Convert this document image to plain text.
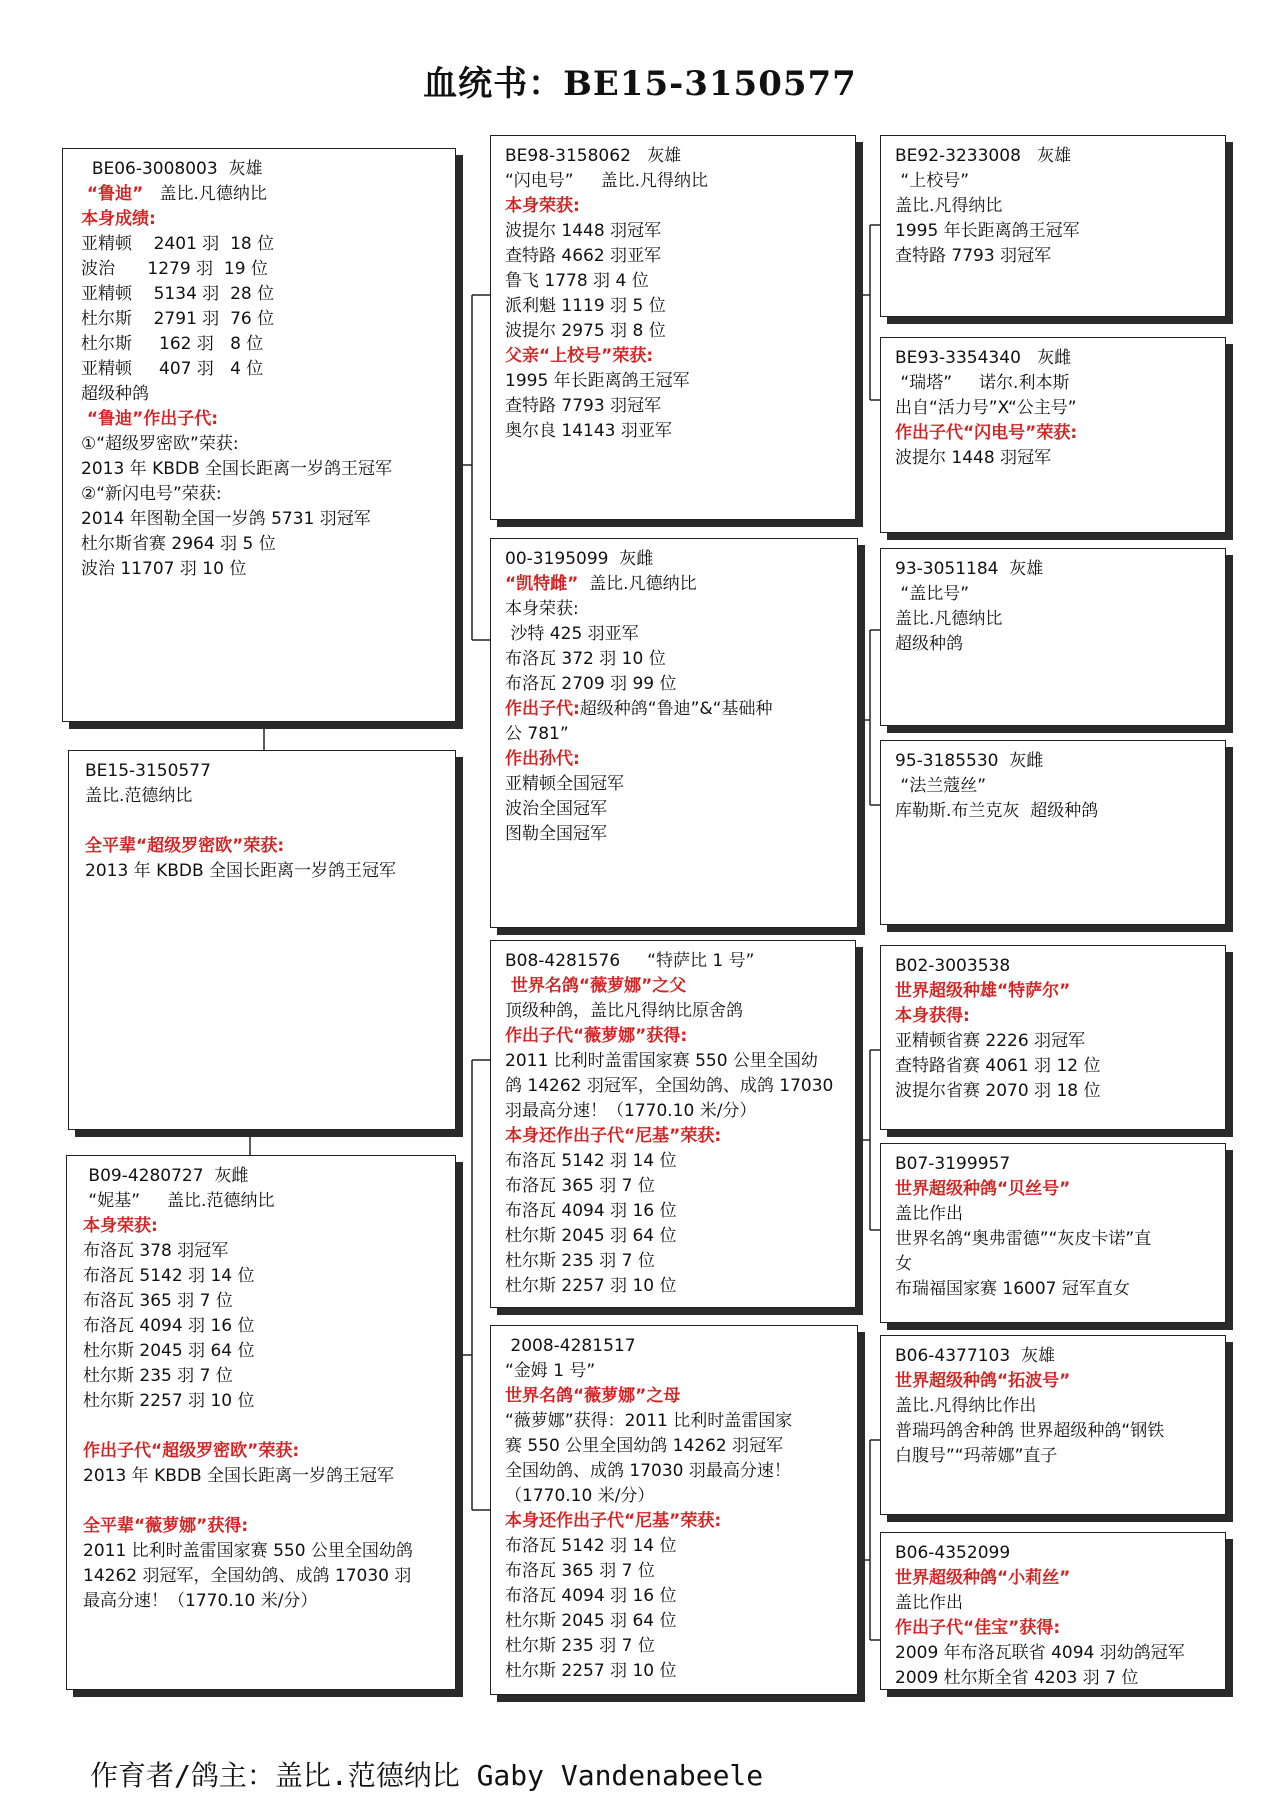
血统书：BE15-3150577
BE06-3008003  灰雄
“鲁迪”   盖比.凡德纳比
本身成绩:
亚精顿    2401 羽  18 位
波治      1279 羽  19 位
亚精顿    5134 羽  28 位
杜尔斯    2791 羽  76 位
杜尔斯     162 羽   8 位
亚精顿     407 羽   4 位
超级种鸽
“鲁迪”作出子代:
①“超级罗密欧”荣获:
2013 年 KBDB 全国长距离一岁鸽王冠军
②“新闪电号”荣获:
2014 年图勒全国一岁鸽 5731 羽冠军
杜尔斯省赛 2964 羽 5 位
波治 11707 羽 10 位
BE15-3150577
盖比.范德纳比
全平辈“超级罗密欧”荣获:
2013 年 KBDB 全国长距离一岁鸽王冠军
B09-4280727  灰雌
“妮基”     盖比.范德纳比
本身荣获:
布洛瓦 378 羽冠军
布洛瓦 5142 羽 14 位
布洛瓦 365 羽 7 位
布洛瓦 4094 羽 16 位
杜尔斯 2045 羽 64 位
杜尔斯 235 羽 7 位
杜尔斯 2257 羽 10 位
作出子代“超级罗密欧”荣获:
2013 年 KBDB 全国长距离一岁鸽王冠军
全平辈“薇萝娜”获得:
2011 比利时盖雷国家赛 550 公里全国幼鸽
14262 羽冠军，全国幼鸽、成鸽 17030 羽
最高分速！（1770.10 米/分）
BE98-3158062   灰雄
“闪电号”     盖比.凡得纳比
本身荣获:
波提尔 1448 羽冠军
查特路 4662 羽亚军
鲁飞 1778 羽 4 位
派利魁 1119 羽 5 位
波提尔 2975 羽 8 位
父亲“上校号”荣获:
1995 年长距离鸽王冠军
查特路 7793 羽冠军
奥尔良 14143 羽亚军
00-3195099  灰雌
“凯特雌”  盖比.凡德纳比
本身荣获:
沙特 425 羽亚军
布洛瓦 372 羽 10 位
布洛瓦 2709 羽 99 位
作出子代:超级种鸽“鲁迪”&“基础种
公 781”
作出孙代:
亚精顿全国冠军
波治全国冠军
图勒全国冠军
B08-4281576     “特萨比 1 号”
世界名鸽“薇萝娜”之父
顶级种鸽，盖比凡得纳比原舍鸽
作出子代“薇萝娜”获得:
2011 比利时盖雷国家赛 550 公里全国幼
鸽 14262 羽冠军，全国幼鸽、成鸽 17030
羽最高分速！（1770.10 米/分）
本身还作出子代“尼基”荣获:
布洛瓦 5142 羽 14 位
布洛瓦 365 羽 7 位
布洛瓦 4094 羽 16 位
杜尔斯 2045 羽 64 位
杜尔斯 235 羽 7 位
杜尔斯 2257 羽 10 位
2008-4281517
“金姆 1 号”
世界名鸽“薇萝娜”之母
“薇萝娜”获得：2011 比利时盖雷国家
赛 550 公里全国幼鸽 14262 羽冠军
全国幼鸽、成鸽 17030 羽最高分速！
（1770.10 米/分）
本身还作出子代“尼基”荣获:
布洛瓦 5142 羽 14 位
布洛瓦 365 羽 7 位
布洛瓦 4094 羽 16 位
杜尔斯 2045 羽 64 位
杜尔斯 235 羽 7 位
杜尔斯 2257 羽 10 位
BE92-3233008   灰雄
“上校号”
盖比.凡得纳比
1995 年长距离鸽王冠军
查特路 7793 羽冠军
BE93-3354340   灰雌
“瑞塔”     诺尔.利本斯
出自“活力号”X“公主号”
作出子代“闪电号”荣获:
波提尔 1448 羽冠军
93-3051184  灰雄
“盖比号”
盖比.凡德纳比
超级种鸽
95-3185530  灰雌
“法兰蔻丝”
库勒斯.布兰克灰  超级种鸽
B02-3003538
世界超级种雄“特萨尔”
本身获得:
亚精顿省赛 2226 羽冠军
查特路省赛 4061 羽 12 位
波提尔省赛 2070 羽 18 位
B07-3199957
世界超级种鸽“贝丝号”
盖比作出
世界名鸽“奥弗雷德”“灰皮卡诺”直
女
布瑞福国家赛 16007 冠军直女
B06-4377103  灰雄
世界超级种鸽“拓波号”
盖比.凡得纳比作出
普瑞玛鸽舍种鸽 世界超级种鸽“钢铁
白腹号”“玛蒂娜”直子
B06-4352099
世界超级种鸽“小莉丝”
盖比作出
作出子代“佳宝”获得:
2009 年布洛瓦联省 4094 羽幼鸽冠军
2009 杜尔斯全省 4203 羽 7 位
作育者/鸽主：盖比.范德纳比 Gaby Vandenabeele
